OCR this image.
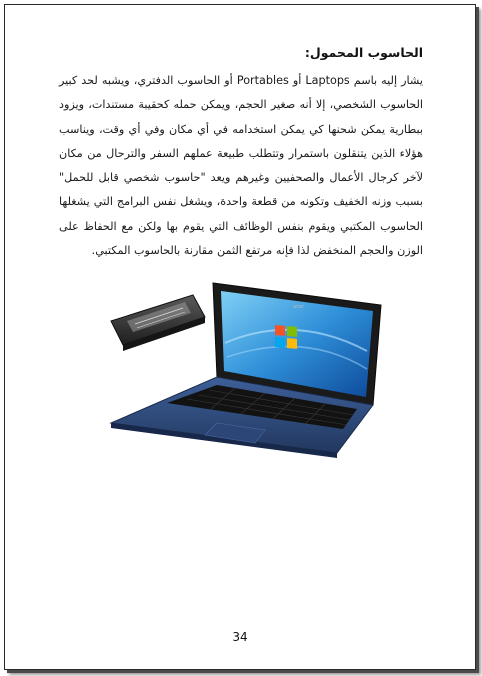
الحاسوب المحمول:

يشار إليه باسم Laptops أو Portables أو الحاسوب الدفتري، ويشبه لحد كبير الحاسوب الشخصي، إلا أنه صغير الحجم، ويمكن حمله كحقيبة مستندات، ويزود ببطارية يمكن شحنها كي يمكن استخدامه في أي مكان وفي أي وقت، ويناسب هؤلاء الذين يتنقلون باستمرار وتتطلب طبيعة عملهم السفر والترحال من مكان لآخر كرجال الأعمال والصحفيين وغيرهم ويعد "حاسوب شخصي قابل للحمل" بسبب وزنه الخفيف وتكونه من قطعة واحدة، ويشغل نفس البرامج التي يشغلها الحاسوب المكتبي ويقوم بنفس الوظائف التي يقوم بها ولكن مع الحفاظ على الوزن والحجم المنخفض لذا فإنه مرتفع الثمن مقارنة بالحاسوب المكتبي.

acer
34
